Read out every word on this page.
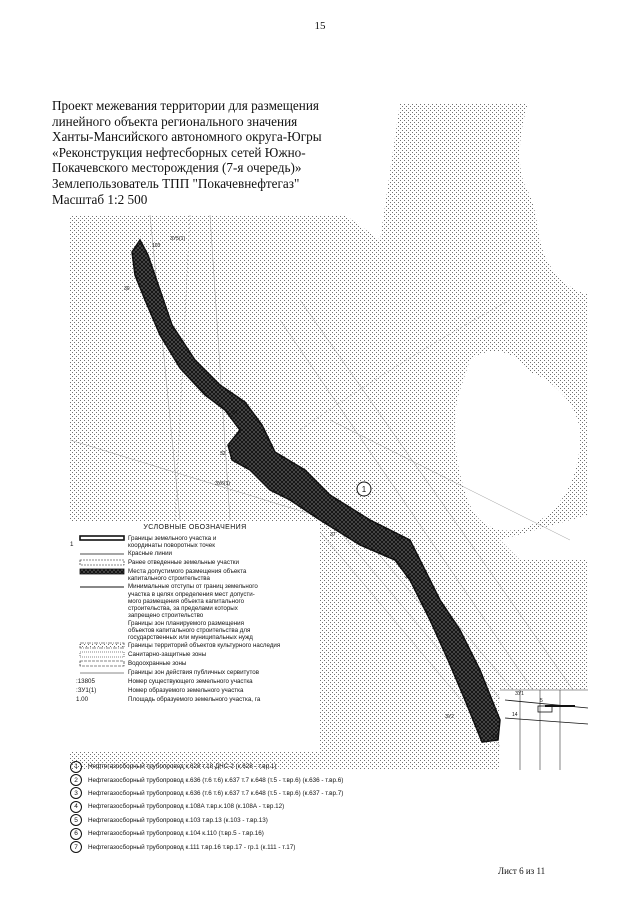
15
1
ЗУ5(1)
ЗУ6(1)
ЗУ1
ЗУ2
103
30
34
32
37
36
25
13
14
5
Проект межевания территории для размещения
линейного объекта регионального значения
Ханты-Мансийского автономного округа-Югры
«Реконструкция нефтесборных сетей Южно-
Покачевского месторождения (7-я очередь)»
Землепользователь ТПП "Покачевнефтегаз"
Масштаб 1:2 500
УСЛОВНЫЕ ОБОЗНАЧЕНИЯ
1
Границы земельного участка и
координаты поворотных точек
Красные линии
Ранее отведенные земельные участки
Места допустимого размещения объекта
капитального строительства
Минимальные отступы от границ земельного
участка в целях определения мест допусти-
мого размещения объекта капитального
строительства, за пределами которых
запрещено строительство
Границы зон планируемого размещения
объектов капитального строительства для
государственных или муниципальных нужд
Границы территорий объектов культурного наследия
Санитарно-защитные зоны
Водоохранные зоны
Границы зон действия публичных сервитутов
:13805	Номер существующего земельного участка
:ЗУ1(1)	Номер образуемого земельного участка
1.00	Площадь образуемого земельного участка, га
1	Нефтегазосборный трубопровод к.628 т.18 ДНС-2 (к.628 - т.вр.1)
2	Нефтегазосборный трубопровод к.636 (т.6 т.6) к.637 т.7 к.648 (т.5 - т.вр.6) (к.636 - т.вр.6)
3	Нефтегазосборный трубопровод к.636 (т.6 т.6) к.637 т.7 к.648 (т.5 - т.вр.6) (к.637 - т.вр.7)
4	Нефтегазосборный трубопровод к.108А т.вр.к.108 (к.108А - т.вр.12)
5	Нефтегазосборный трубопровод к.103 т.вр.13 (к.103 - т.вр.13)
6	Нефтегазосборный трубопровод к.104 к.110 (т.вр.5 - т.вр.16)
7	Нефтегазосборный трубопровод к.111 т.вр.16 т.вр.17 - гр.1 (к.111 - т.17)
Лист 6 из 11
